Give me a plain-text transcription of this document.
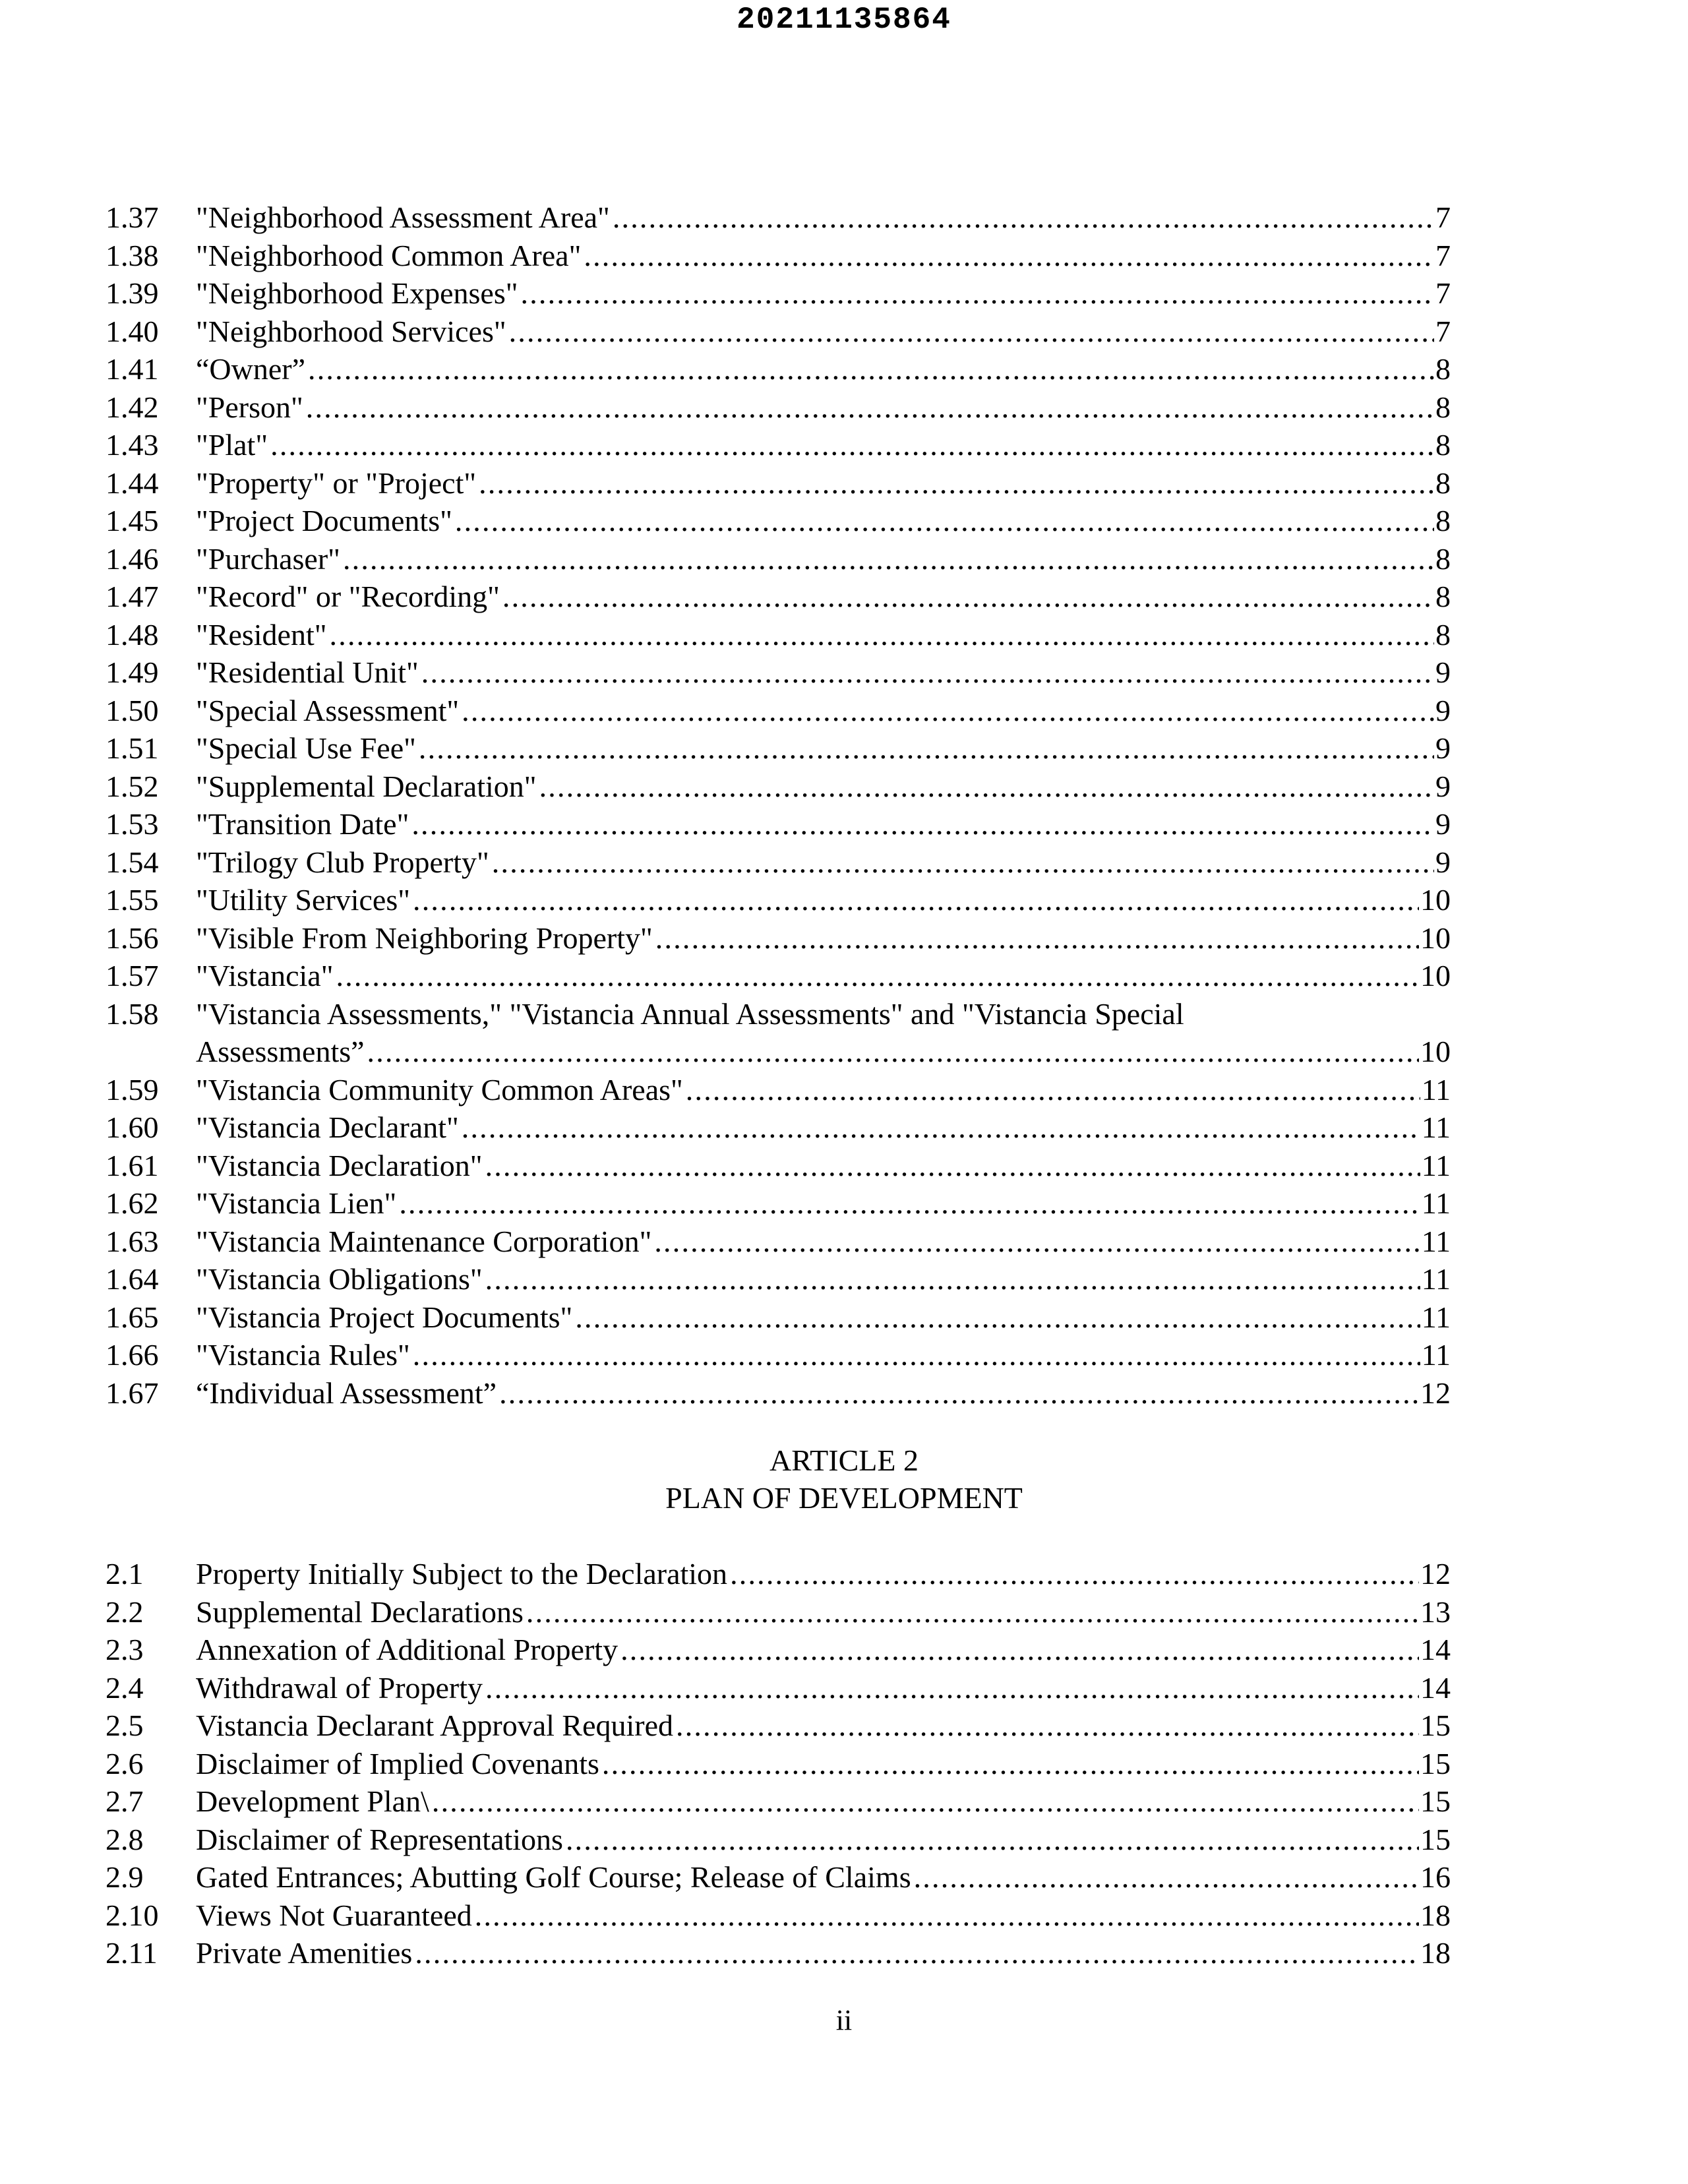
20211135864
1.37 "Neighborhood Assessment Area" .....	7
1.38 "Neighborhood Common Area" .....	7
1.39 "Neighborhood Expenses" .....	7
1.40 "Neighborhood Services" .....	7
1.41 “Owner” .....	8
1.42 "Person" .....	8
1.43 "Plat" .....	8
1.44 "Property" or "Project" .....	8
1.45 "Project Documents" .....	8
1.46 "Purchaser" .....	8
1.47 "Record" or "Recording" .....	8
1.48 "Resident" .....	8
1.49 "Residential Unit" .....	9
1.50 "Special Assessment" .....	9
1.51 "Special Use Fee" .....	9
1.52 "Supplemental Declaration" .....	9
1.53 "Transition Date" .....	9
1.54 "Trilogy Club Property" .....	9
1.55 "Utility Services" .....	10
1.56 "Visible From Neighboring Property" .....	10
1.57 "Vistancia" .....	10
1.58 "Vistancia Assessments," "Vistancia Annual Assessments" and "Vistancia Special
Assessments” .....	10
1.59 "Vistancia Community Common Areas" .....	11
1.60 "Vistancia Declarant" .....	11
1.61 "Vistancia Declaration" .....	11
1.62 "Vistancia Lien" .....	11
1.63 "Vistancia Maintenance Corporation" .....	11
1.64 "Vistancia Obligations" .....	11
1.65 "Vistancia Project Documents" .....	11
1.66 "Vistancia Rules" .....	11
1.67 “Individual Assessment” .....	12
ARTICLE 2
PLAN OF DEVELOPMENT
2.1 Property Initially Subject to the Declaration .....	12
2.2 Supplemental Declarations .....	13
2.3 Annexation of Additional Property .....	14
2.4 Withdrawal of Property .....	14
2.5 Vistancia Declarant Approval Required .....	15
2.6 Disclaimer of Implied Covenants .....	15
2.7 Development Plan\ .....	15
2.8 Disclaimer of Representations .....	15
2.9 Gated Entrances; Abutting Golf Course; Release of Claims .....	16
2.10 Views Not Guaranteed .....	18
2.11 Private Amenities .....	18
ii
